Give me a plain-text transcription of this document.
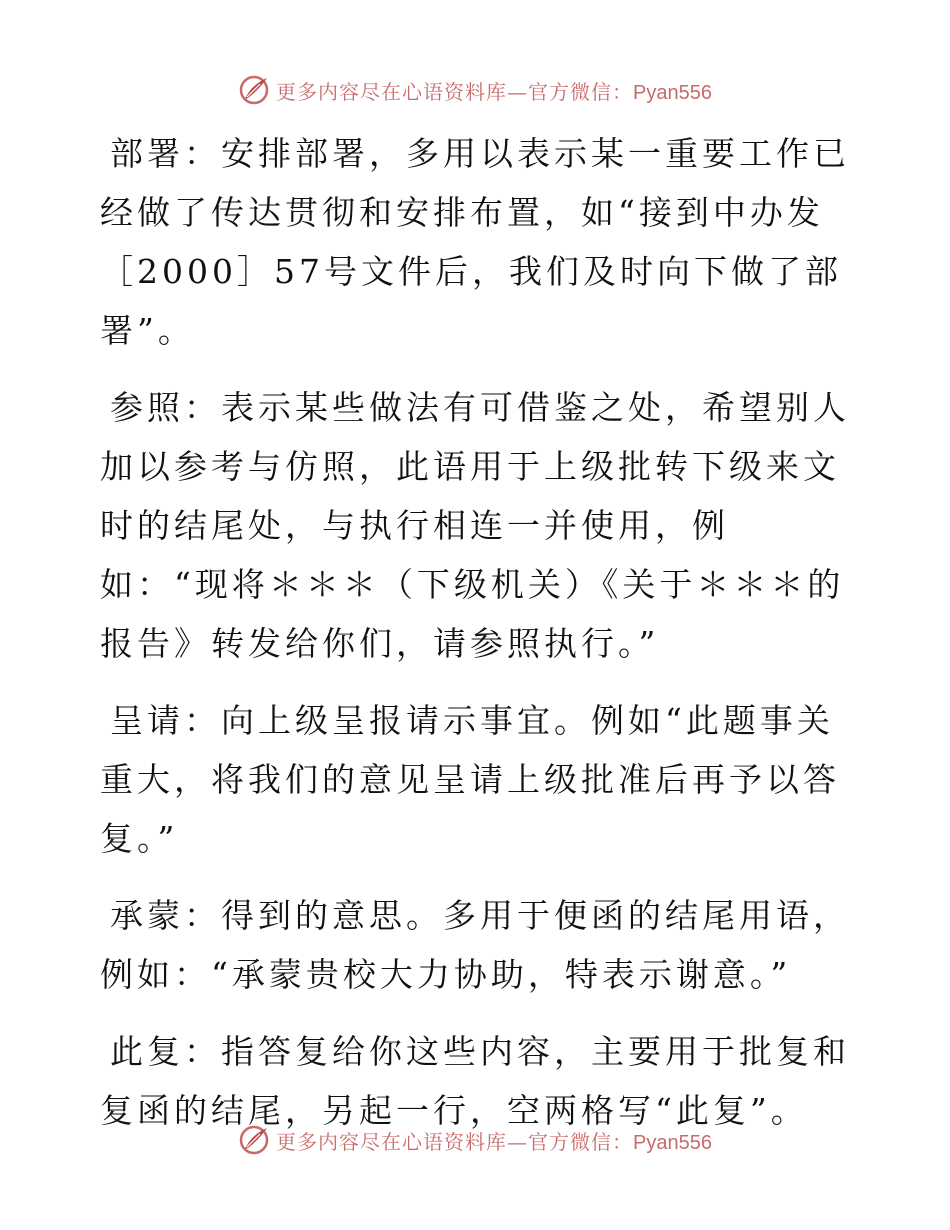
更多内容尽在心语资料库—官方微信：Pyan556

部署：安排部署，多用以表示某一重要工作已经做了传达贯彻和安排布置，如“接到中办发［2000］57号文件后，我们及时向下做了部署”。

参照：表示某些做法有可借鉴之处，希望别人加以参考与仿照，此语用于上级批转下级来文时的结尾处，与执行相连一并使用，例如：“现将＊＊＊（下级机关）《关于＊＊＊的报告》转发给你们，请参照执行。”

呈请：向上级呈报请示事宜。例如“此题事关重大，将我们的意见呈请上级批准后再予以答复。”

承蒙：得到的意思。多用于便函的结尾用语，例如：“承蒙贵校大力协助，特表示谢意。”

此复：指答复给你这些内容，主要用于批复和复函的结尾，另起一行，空两格写“此复”。

更多内容尽在心语资料库—官方微信：Pyan556
